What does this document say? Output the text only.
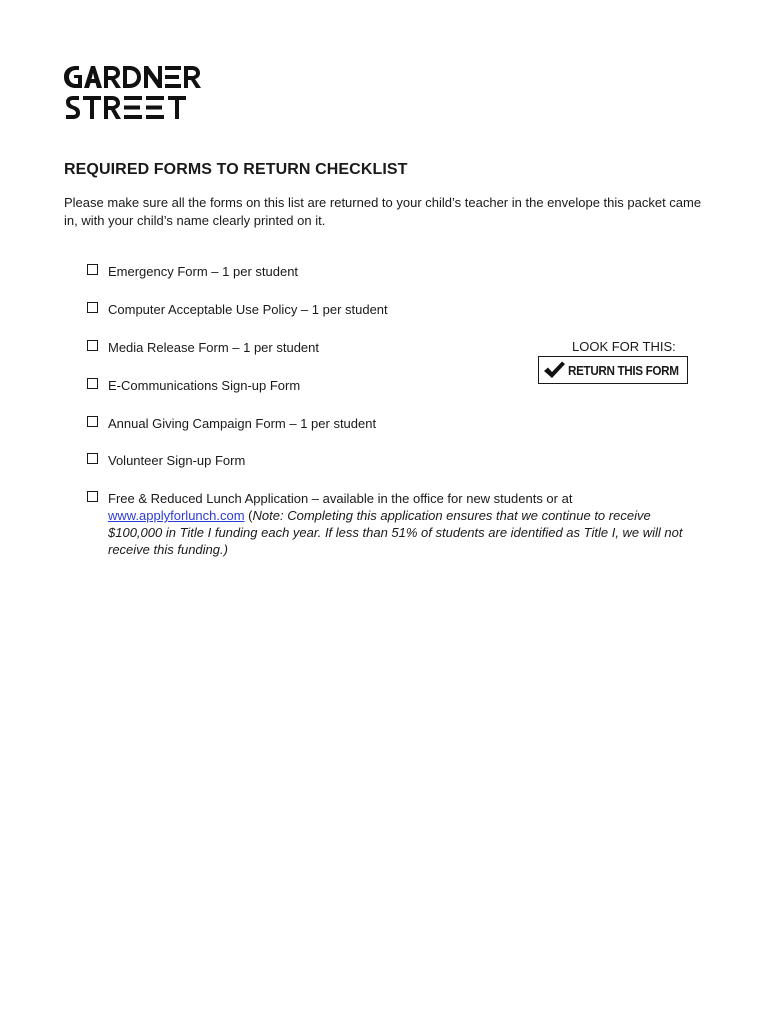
REQUIRED FORMS TO RETURN CHECKLIST

Please make sure all the forms on this list are returned to your child’s teacher in the envelope this packet came in, with your child’s name clearly printed on it.

Emergency Form – 1 per student
Computer Acceptable Use Policy – 1 per student
Media Release Form – 1 per student
E-Communications Sign-up Form
Annual Giving Campaign Form – 1 per student
Volunteer Sign-up Form
Free & Reduced Lunch Application – available in the office for new students or at www.applyforlunch.com (Note: Completing this application ensures that we continue to receive $100,000 in Title I funding each year. If less than 51% of students are identified as Title I, we will not receive this funding.)
LOOK FOR THIS:
RETURN THIS FORM
